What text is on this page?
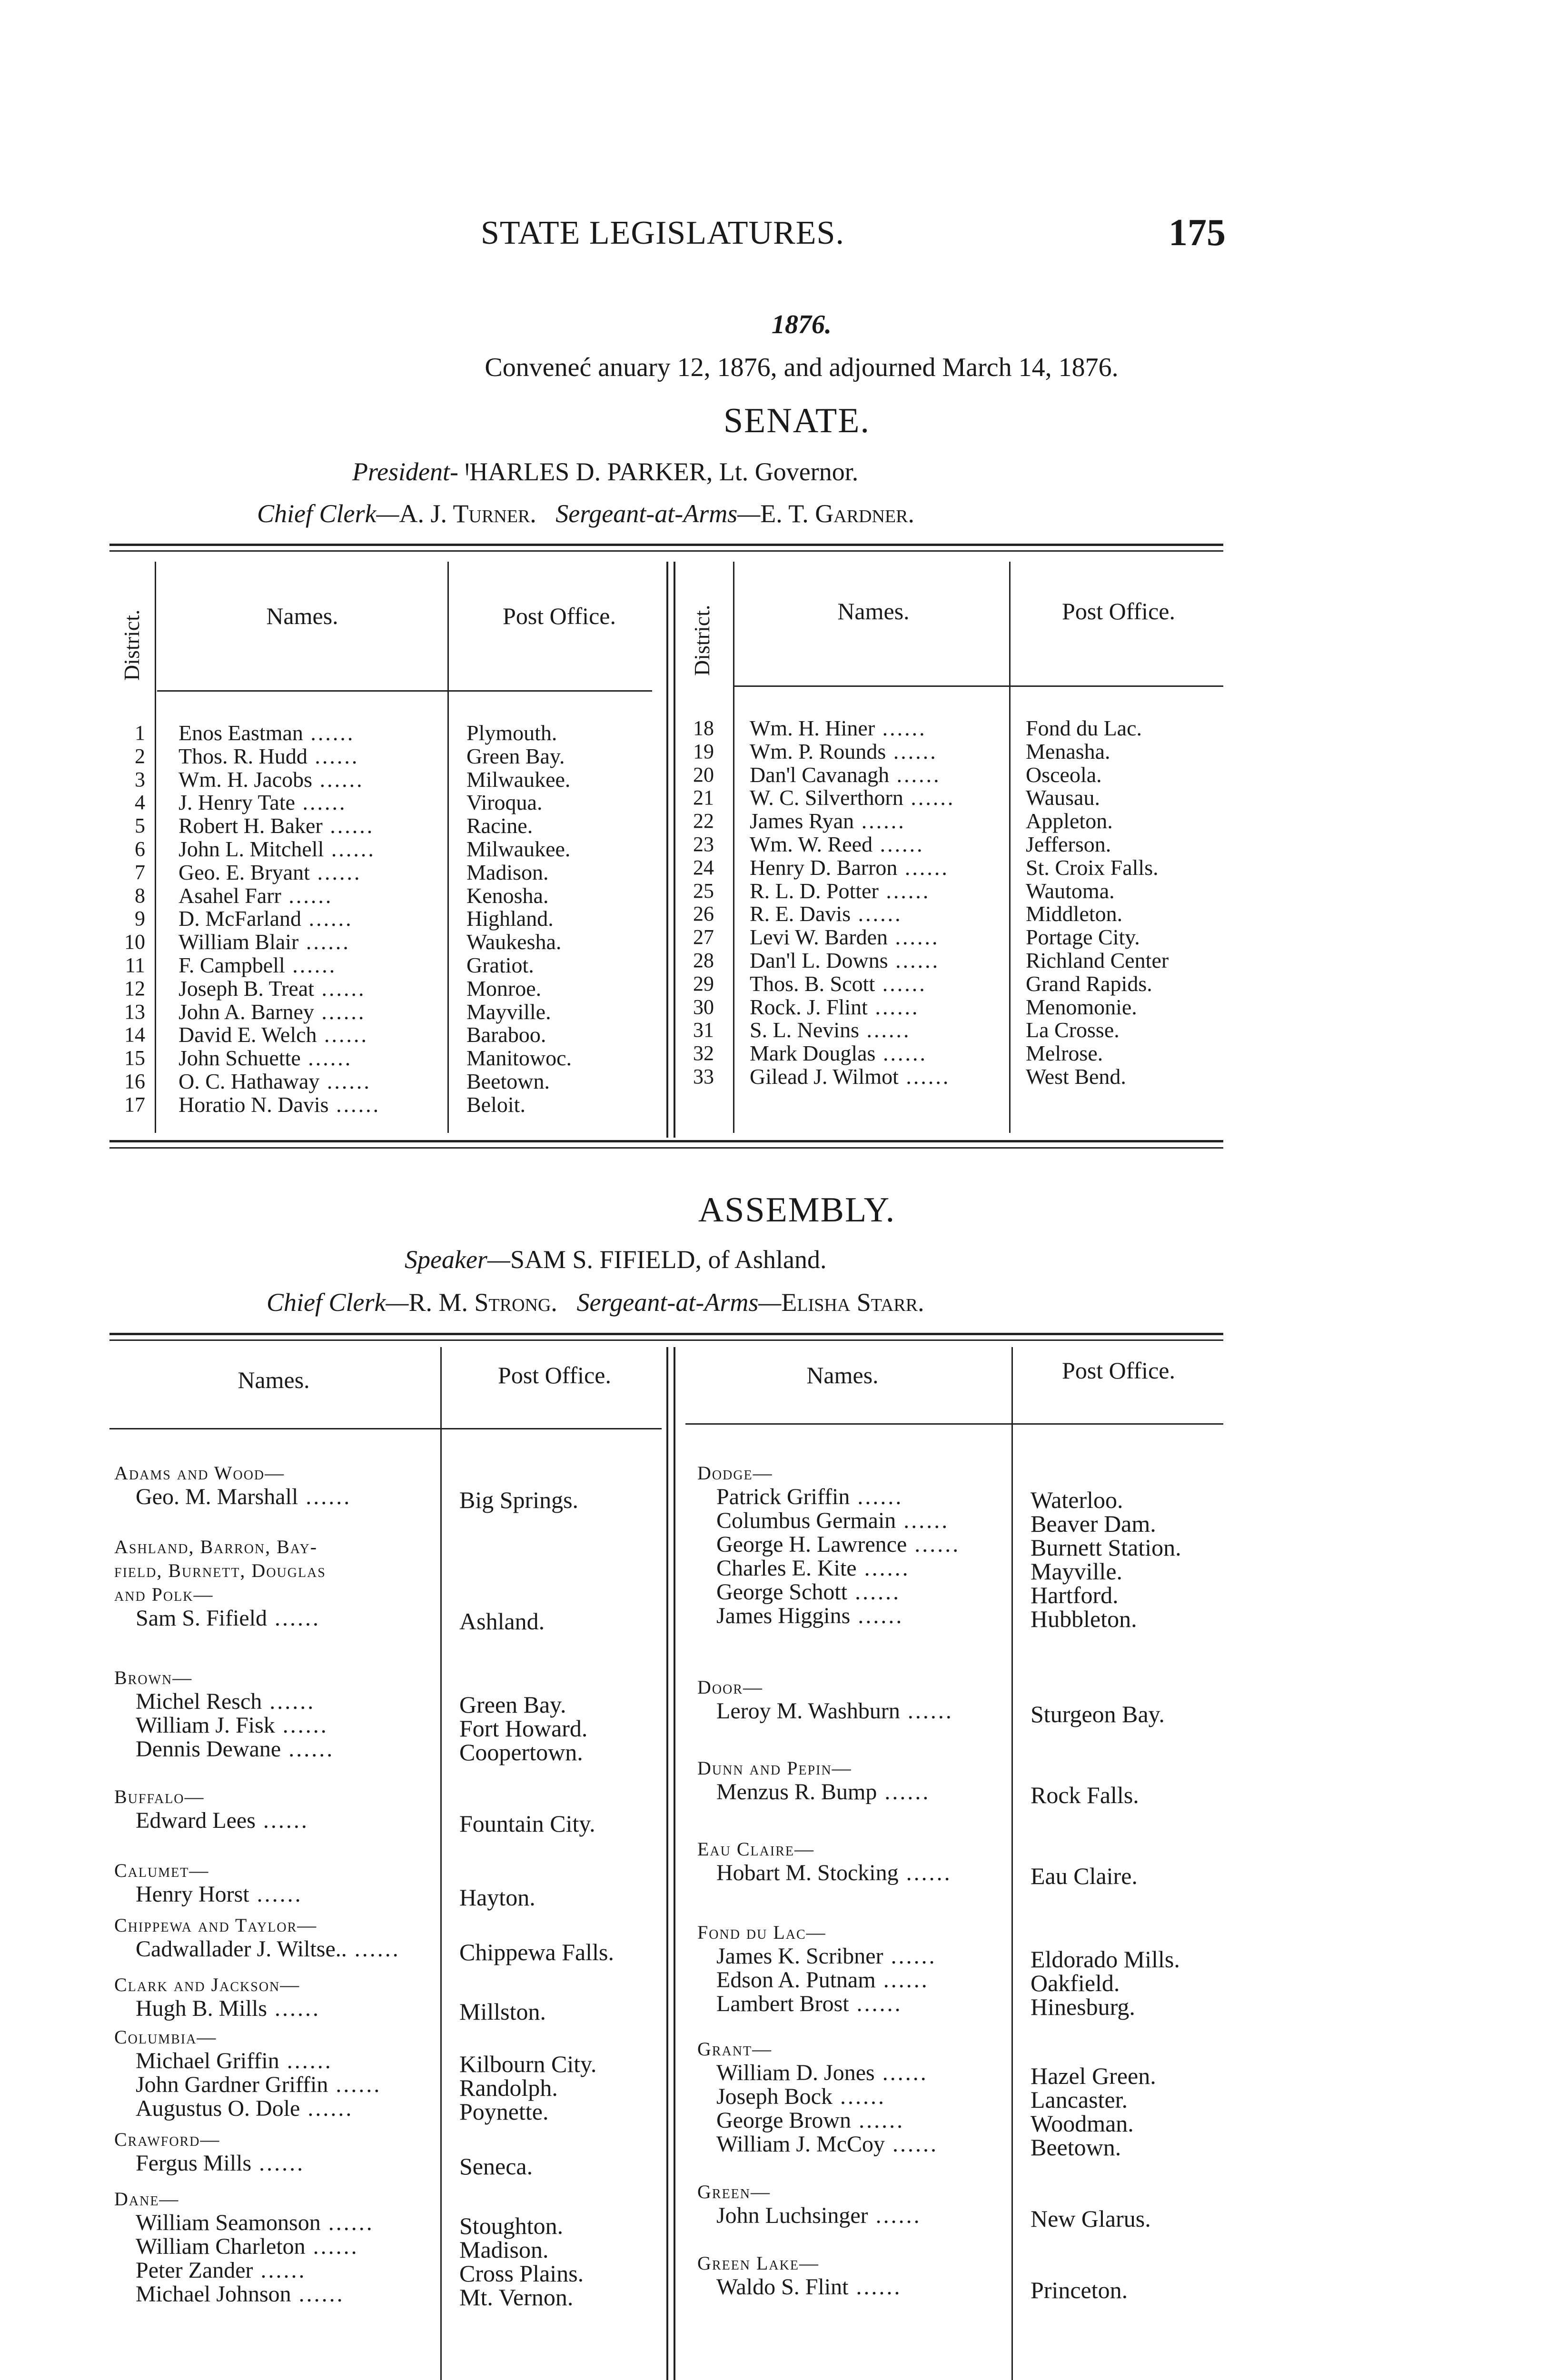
STATE LEGISLATURES.	175
1876.
Conveneć anuary 12, 1876, and adjourned March 14, 1876.
SENATE.
President- ꞋHARLES D. PARKER, Lt. Governor.
Chief Clerk—A. J. Turner. Sergeant-at-Arms—E. T. Gardner.
District.	Names.	Post Office.	District.	Names.	Post Office.
1 Enos Eastman ......	Plymouth.
2 Thos. R. Hudd ......	Green Bay.
3 Wm. H. Jacobs ......	Milwaukee.
4 J. Henry Tate ......	Viroqua.
5 Robert H. Baker ......	Racine.
6 John L. Mitchell ......	Milwaukee.
7 Geo. E. Bryant ......	Madison.
8 Asahel Farr ......	Kenosha.
9 D. McFarland ......	Highland.
10 William Blair ......	Waukesha.
11 F. Campbell ......	Gratiot.
12 Joseph B. Treat ......	Monroe.
13 John A. Barney ......	Mayville.
14 David E. Welch ......	Baraboo.
15 John Schuette ......	Manitowoc.
16 O. C. Hathaway ......	Beetown.
17 Horatio N. Davis ......	Beloit.
18 Wm. H. Hiner ......	Fond du Lac.
19 Wm. P. Rounds ......	Menasha.
20 Dan'l Cavanagh ......	Osceola.
21 W. C. Silverthorn ......	Wausau.
22 James Ryan ......	Appleton.
23 Wm. W. Reed ......	Jefferson.
24 Henry D. Barron ......	St. Croix Falls.
25 R. L. D. Potter ......	Wautoma.
26 R. E. Davis ......	Middleton.
27 Levi W. Barden ......	Portage City.
28 Dan'l L. Downs ......	Richland Center
29 Thos. B. Scott ......	Grand Rapids.
30 Rock. J. Flint ......	Menomonie.
31 S. L. Nevins ......	La Crosse.
32 Mark Douglas ......	Melrose.
33 Gilead J. Wilmot ......	West Bend.
ASSEMBLY.
Speaker—SAM S. FIFIELD, of Ashland.
Chief Clerk—R. M. Strong. Sergeant-at-Arms—Elisha Starr.
Names.	Post Office.	Names.	Post Office.
Adams and Wood—
Geo. M. Marshall ......	Big Springs.
Ashland, Barron, Bay-
field, Burnett, Douglas
and Polk—
Sam S. Fifield ......	Ashland.
Brown—
Michel Resch ......	Green Bay.
William J. Fisk ......	Fort Howard.
Dennis Dewane ......	Coopertown.
Buffalo—
Edward Lees ......	Fountain City.
Calumet—
Henry Horst ......	Hayton.
Chippewa and Taylor—
Cadwallader J. Wiltse.. ...... Chippewa Falls.
Clark and Jackson—
Hugh B. Mills ......	Millston.
Columbia—
Michael Griffin ......	Kilbourn City.
John Gardner Griffin ......	Randolph.
Augustus O. Dole ......	Poynette.
Crawford—
Fergus Mills ......	Seneca.
Dane—
William Seamonson ......	Stoughton.
William Charleton ......	Madison.
Peter Zander ......	Cross Plains.
Michael Johnson ......	Mt. Vernon.
Dodge—
Patrick Griffin ......	Waterloo.
Columbus Germain ......	Beaver Dam.
George H. Lawrence ......	Burnett Station.
Charles E. Kite ......	Mayville.
George Schott ......	Hartford.
James Higgins ......	Hubbleton.
Door—
Leroy M. Washburn ......	Sturgeon Bay.
Dunn and Pepin—
Menzus R. Bump ......	Rock Falls.
Eau Claire—
Hobart M. Stocking ......	Eau Claire.
Fond du Lac—
James K. Scribner ......	Eldorado Mills.
Edson A. Putnam ......	Oakfield.
Lambert Brost ......	Hinesburg.
Grant—
William D. Jones ......	Hazel Green.
Joseph Bock ......	Lancaster.
George Brown ......	Woodman.
William J. McCoy ......	Beetown.
Green—
John Luchsinger ......	New Glarus.
Green Lake—
Waldo S. Flint ......	Princeton.
